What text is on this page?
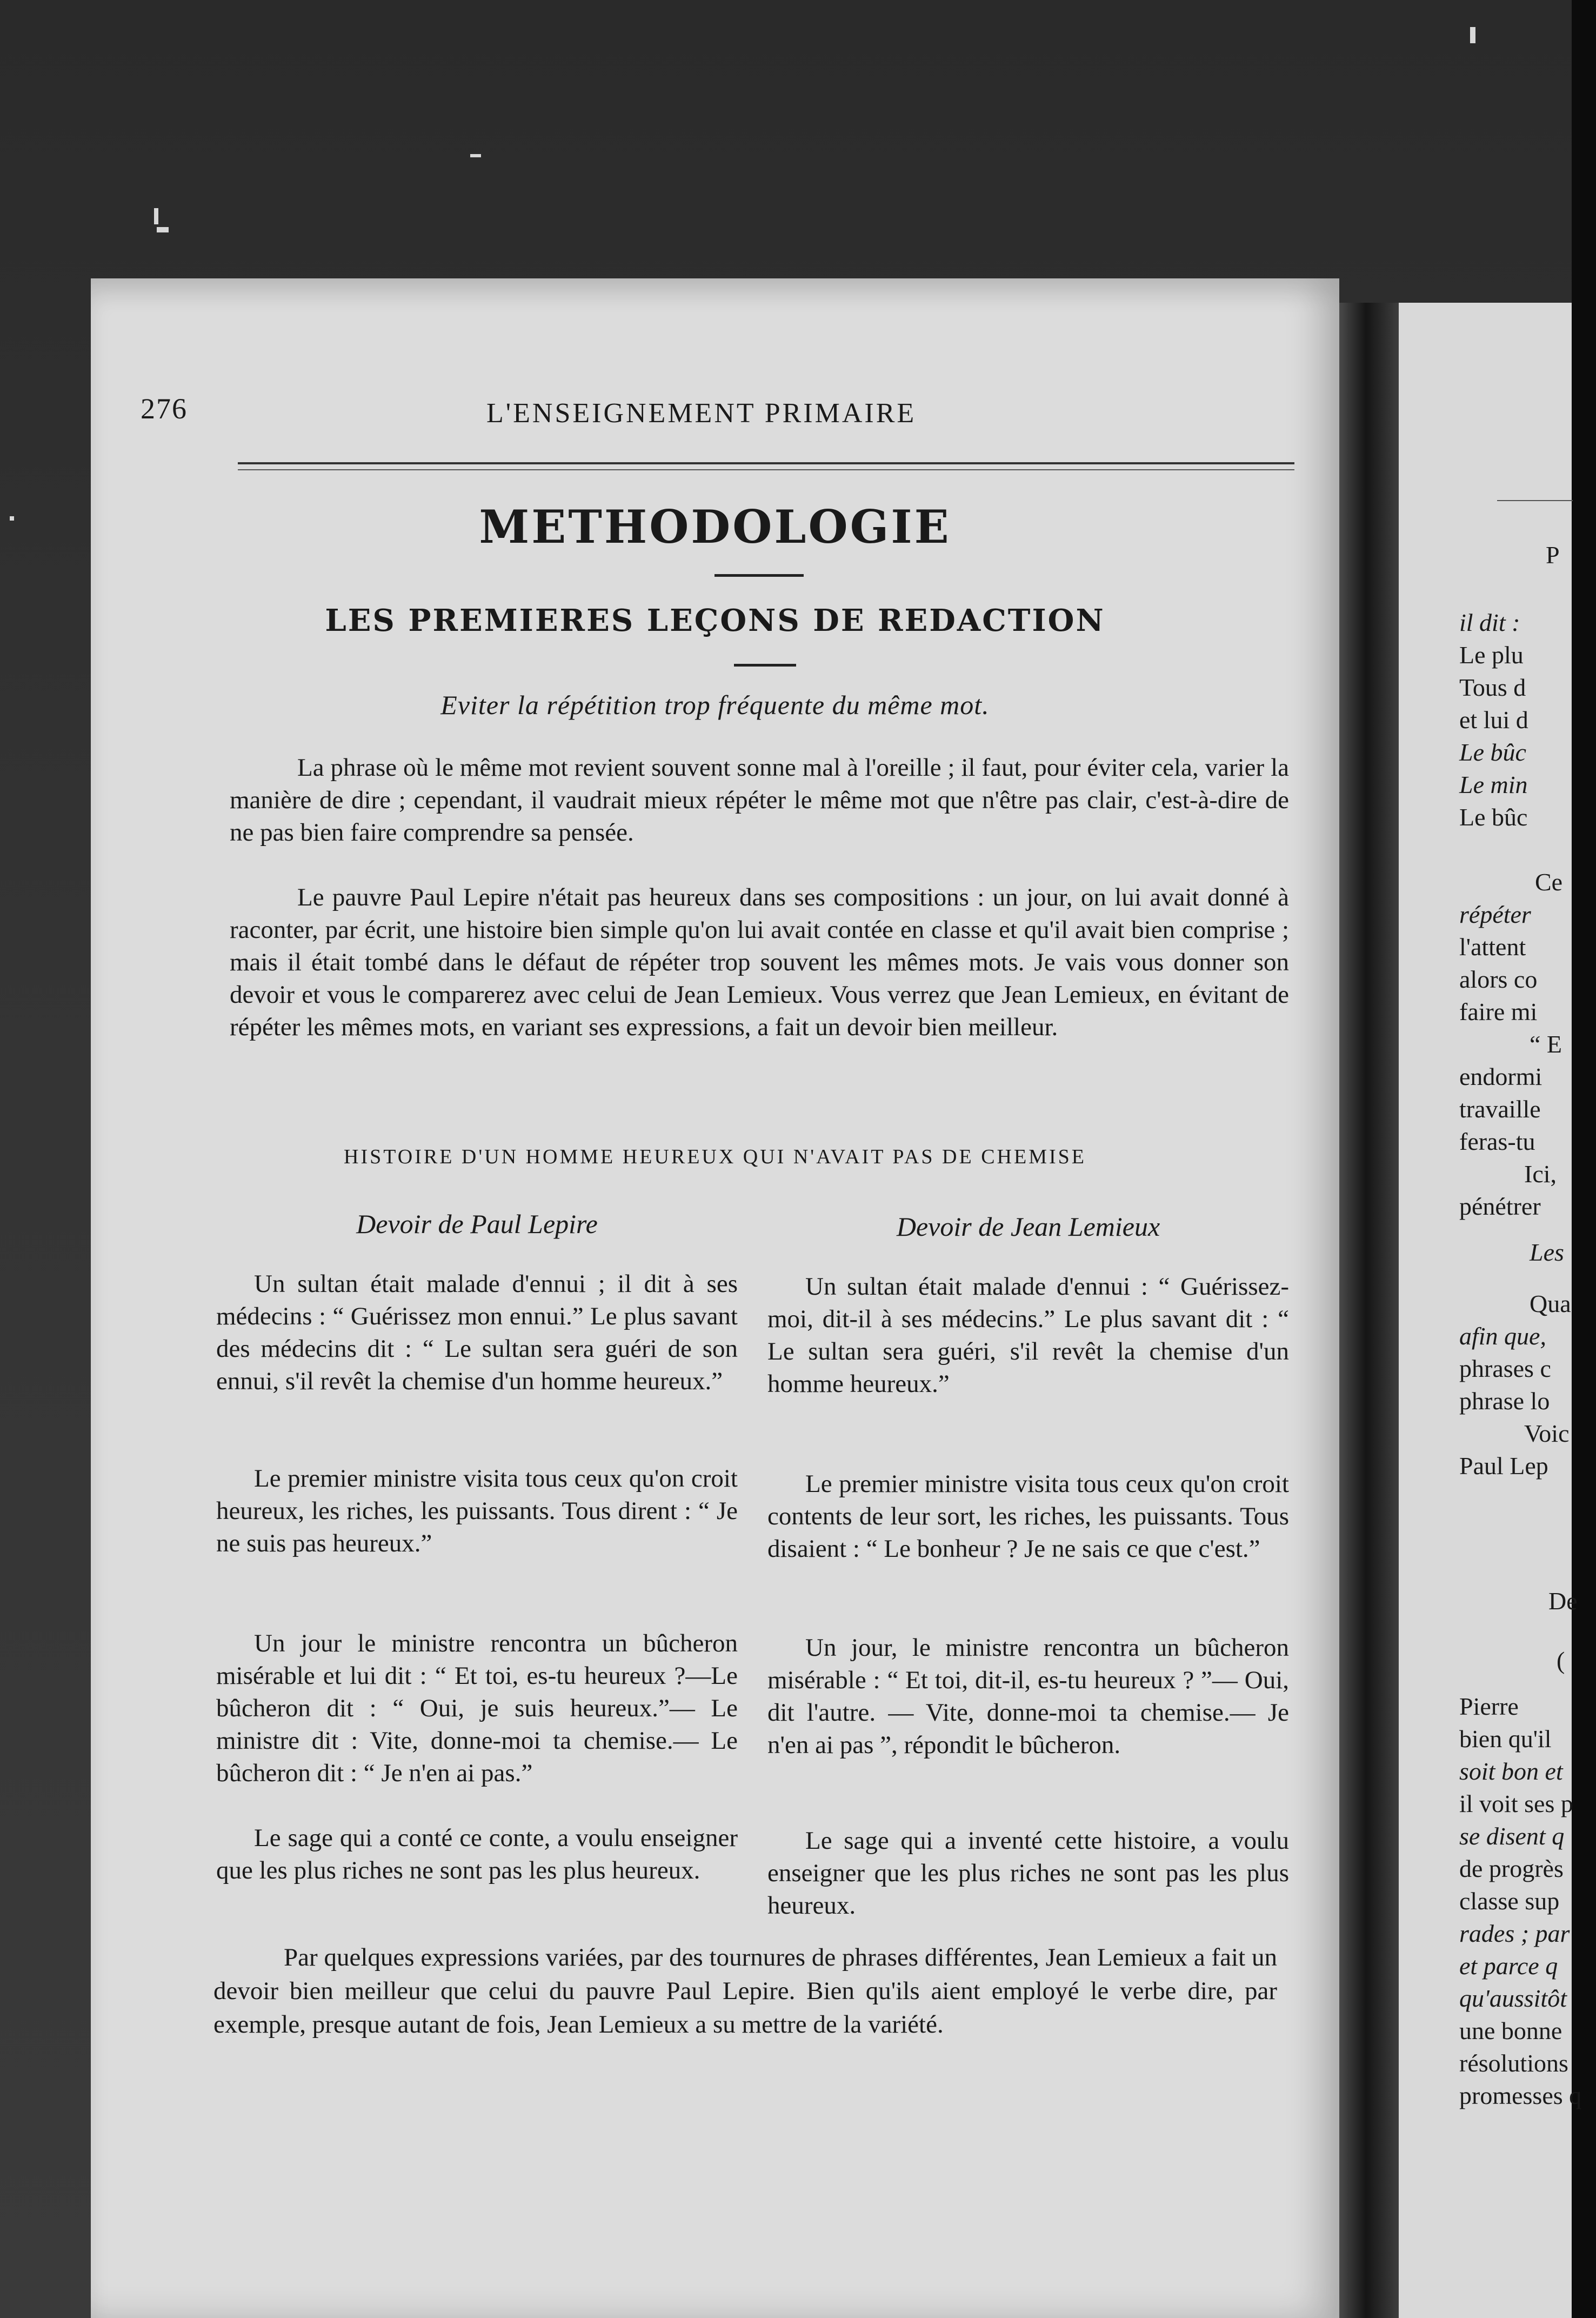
276	L'ENSEIGNEMENT PRIMAIRE
METHODOLOGIE
LES PREMIERES LEÇONS DE REDACTION
Eviter la répétition trop fréquente du même mot.
La phrase où le même mot revient souvent sonne mal à l'oreille ; il faut, pour éviter cela, varier la manière de dire ; cependant, il vaudrait mieux répéter le même mot que n'être pas clair, c'est-à-dire de ne pas bien faire comprendre sa pensée.
Le pauvre Paul Lepire n'était pas heureux dans ses compositions : un jour, on lui avait donné à raconter, par écrit, une histoire bien simple qu'on lui avait contée en classe et qu'il avait bien comprise ; mais il était tombé dans le défaut de répéter trop souvent les mêmes mots. Je vais vous donner son devoir et vous le comparerez avec celui de Jean Lemieux. Vous verrez que Jean Lemieux, en évitant de répéter les mêmes mots, en variant ses expressions, a fait un devoir bien meilleur.
HISTOIRE D'UN HOMME HEUREUX QUI N'AVAIT PAS DE CHEMISE
Devoir de Paul Lepire	Devoir de Jean Lemieux
Un sultan était malade d'ennui ; il dit à ses médecins : “ Guérissez mon ennui.” Le plus savant des médecins dit : “ Le sultan sera guéri de son ennui, s'il revêt la chemise d'un homme heureux.”
Le premier ministre visita tous ceux qu'on croit heureux, les riches, les puissants. Tous dirent : “ Je ne suis pas heureux.”
Un jour le ministre rencontra un bûcheron misérable et lui dit : “ Et toi, es-tu heureux ?—Le bûcheron dit : “ Oui, je suis heureux.”— Le ministre dit : Vite, donne-moi ta chemise.— Le bûcheron dit : “ Je n'en ai pas.”
Le sage qui a conté ce conte, a voulu enseigner que les plus riches ne sont pas les plus heureux.
Un sultan était malade d'ennui : “ Guérissez-moi, dit-il à ses médecins.” Le plus savant dit : “ Le sultan sera guéri, s'il revêt la chemise d'un homme heureux.”
Le premier ministre visita tous ceux qu'on croit contents de leur sort, les riches, les puissants. Tous disaient : “ Le bonheur ? Je ne sais ce que c'est.”
Un jour, le ministre rencontra un bûcheron misérable : “ Et toi, dit-il, es-tu heureux ? ”— Oui, dit l'autre. — Vite, donne-moi ta chemise.— Je n'en ai pas ”, répondit le bûcheron.
Le sage qui a inventé cette histoire, a voulu enseigner que les plus riches ne sont pas les plus heureux.
Par quelques expressions variées, par des tournures de phrases différentes, Jean Lemieux a fait un devoir bien meilleur que celui du pauvre Paul Lepire. Bien qu'ils aient employé le verbe dire, par exemple, presque autant de fois, Jean Lemieux a su mettre de la variété.
P
il dit :
Le plu
Tous d
et lui d
Le bûc
Le min
Le bûc
Ce
répéter
l'attent
alors co
faire mi
“ E
endormi
travaille
feras-tu
Ici,
pénétrer
Les
Qua
afin que,
phrases c
phrase lo
Voic
Paul Lep
De
(
Pierre
bien qu'il
soit bon et
il voit ses p
se disent q
de progrès
classe sup
rades ; par
et parce q
qu'aussitôt
une bonne
résolutions
promesses q
